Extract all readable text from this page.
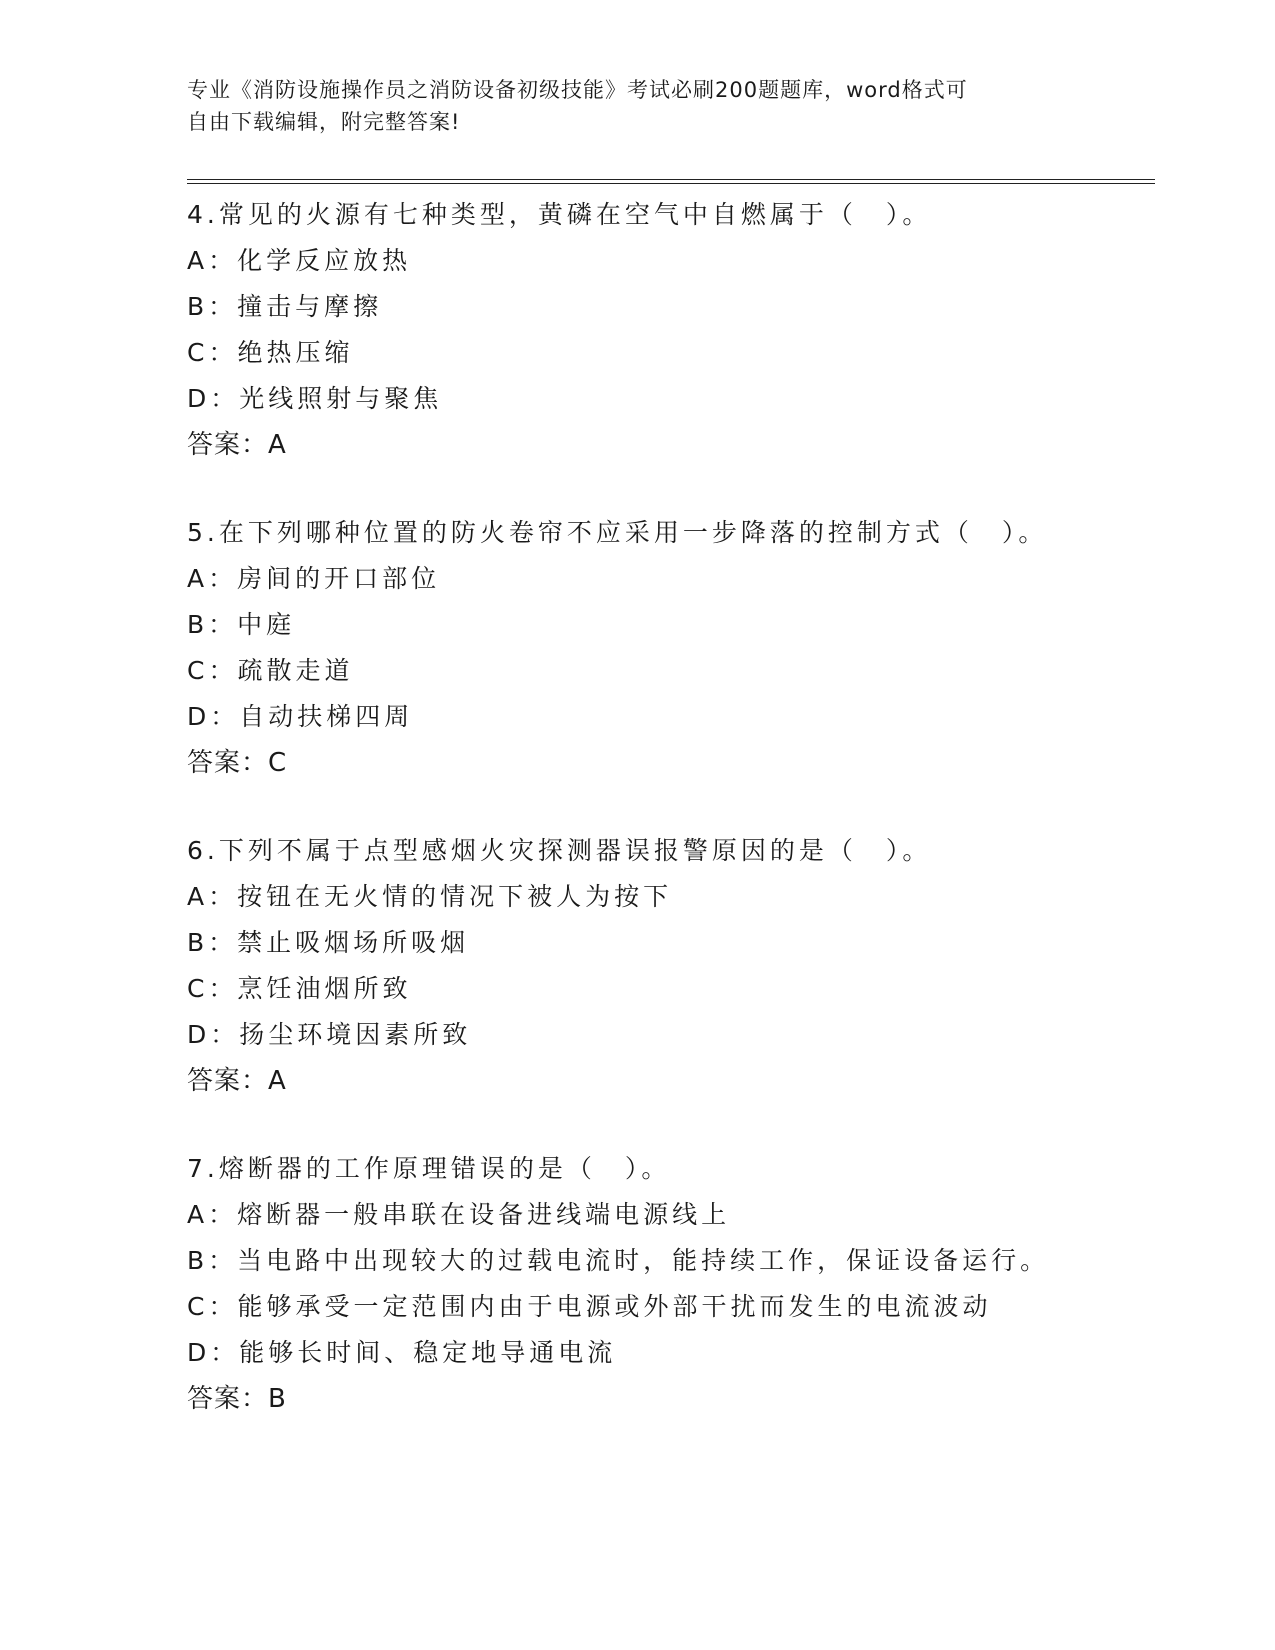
专业《消防设施操作员之消防设备初级技能》考试必刷200题题库，word格式可
自由下载编辑，附完整答案!
4.常见的火源有七种类型，黄磷在空气中自燃属于（　）。
A：化学反应放热
B：撞击与摩擦
C：绝热压缩
D：光线照射与聚焦
答案：A
5.在下列哪种位置的防火卷帘不应采用一步降落的控制方式（　）。
A：房间的开口部位
B：中庭
C：疏散走道
D：自动扶梯四周
答案：C
6.下列不属于点型感烟火灾探测器误报警原因的是（　）。
A：按钮在无火情的情况下被人为按下
B：禁止吸烟场所吸烟
C：烹饪油烟所致
D：扬尘环境因素所致
答案：A
7.熔断器的工作原理错误的是（　）。
A：熔断器一般串联在设备进线端电源线上
B：当电路中出现较大的过载电流时，能持续工作，保证设备运行。
C：能够承受一定范围内由于电源或外部干扰而发生的电流波动
D：能够长时间、稳定地导通电流
答案：B
